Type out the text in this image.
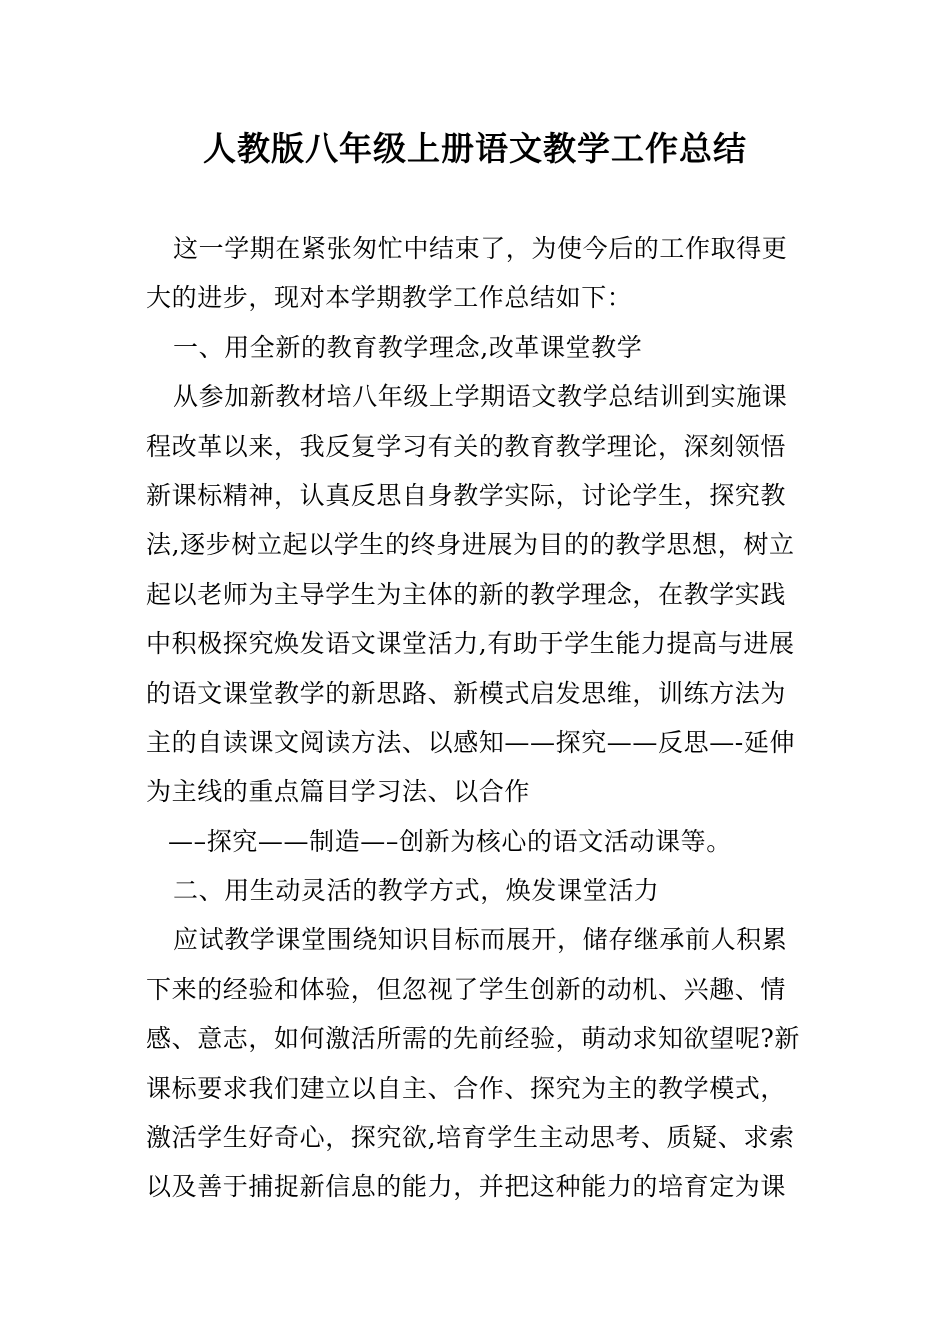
人教版八年级上册语文教学工作总结
这一学期在紧张匆忙中结束了，为使今后的工作取得更
大的进步，现对本学期教学工作总结如下：
一、用全新的教育教学理念,改革课堂教学
从参加新教材培八年级上学期语文教学总结训到实施课
程改革以来，我反复学习有关的教育教学理论，深刻领悟
新课标精神，认真反思自身教学实际，讨论学生，探究教
法,逐步树立起以学生的终身进展为目的的教学思想，树立
起以老师为主导学生为主体的新的教学理念，在教学实践
中积极探究焕发语文课堂活力,有助于学生能力提高与进展
的语文课堂教学的新思路、新模式启发思维，训练方法为
主的自读课文阅读方法、以感知——探究——反思—-延伸
为主线的重点篇目学习法、以合作
—–探究——制造—–创新为核心的语文活动课等。
二、用生动灵活的教学方式，焕发课堂活力
应试教学课堂围绕知识目标而展开，储存继承前人积累
下来的经验和体验，但忽视了学生创新的动机、兴趣、情
感、意志，如何激活所需的先前经验，萌动求知欲望呢?新
课标要求我们建立以自主、合作、探究为主的教学模式，
激活学生好奇心，探究欲,培育学生主动思考、质疑、求索
以及善于捕捉新信息的能力，并把这种能力的培育定为课
